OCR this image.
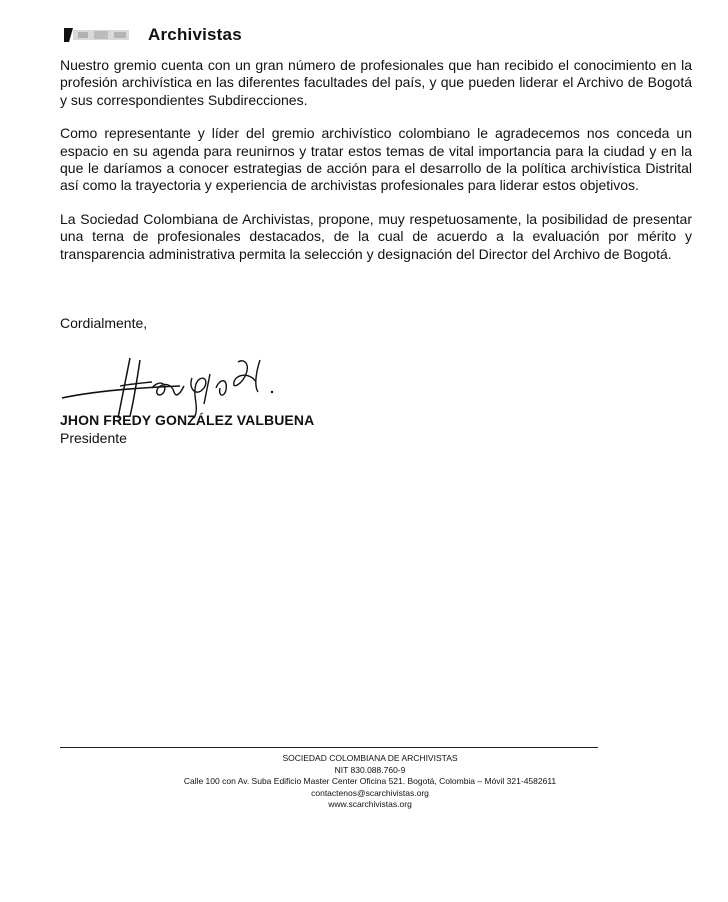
Archivistas

Nuestro gremio cuenta con un gran número de profesionales que han recibido el conocimiento en la profesión archivística en las diferentes facultades del país, y que pueden liderar el Archivo de Bogotá y sus correspondientes Subdirecciones.

Como representante y líder del gremio archivístico colombiano le agradecemos nos conceda un espacio en su agenda para reunirnos y tratar estos temas de vital importancia para la ciudad y en la que le daríamos a conocer estrategias de acción para el desarrollo de la política archivística Distrital así como la trayectoria y experiencia de archivistas profesionales para liderar estos objetivos.

La Sociedad Colombiana de Archivistas, propone, muy respetuosamente, la posibilidad de presentar una terna de profesionales destacados, de la cual de acuerdo a la evaluación por mérito y transparencia administrativa permita la selección y designación del Director del Archivo de Bogotá.

Cordialmente,
JHON FREDY GONZÁLEZ VALBUENA
Presidente
SOCIEDAD COLOMBIANA DE ARCHIVISTAS
NIT 830.088.760-9
Calle 100 con Av. Suba Edificio Master Center Oficina 521. Bogotá, Colombia – Móvil 321-4582611
contactenos@scarchivistas.org
www.scarchivistas.org
